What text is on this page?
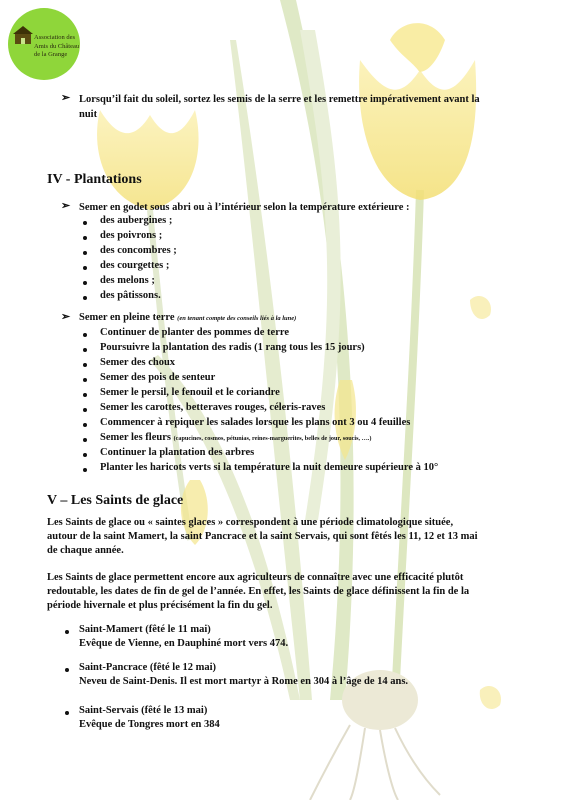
Association des
Amis du Château
de la Grange
➢ Lorsqu’il fait du soleil, sortez les semis de la serre et les remettre impérativement avant la
nuit
IV - Plantations
➢ Semer en godet sous abri ou à l’intérieur selon la température extérieure :
des aubergines ;
des poivrons ;
des concombres ;
des courgettes ;
des melons ;
des pâtissons.
➢ Semer en pleine terre (en tenant compte des conseils liés à la lune)
Continuer de planter des pommes de terre
Poursuivre la plantation des radis (1 rang tous les 15 jours)
Semer des choux
Semer des pois de senteur
Semer le persil, le fenouil et le coriandre
Semer les carottes, betteraves rouges, céleris-raves
Commencer à repiquer les salades lorsque les plans ont 3 ou 4 feuilles
Semer les fleurs (capucines, cosmos, pétunias, reines-marguerites, belles de jour, soucis, ….)
Continuer la plantation des arbres
Planter les haricots verts si la température la nuit demeure supérieure à 10°
V – Les Saints de glace
Les Saints de glace ou « saintes glaces » correspondent à une période climatologique située,
autour de la saint Mamert, la saint Pancrace et la saint Servais, qui sont fêtés les 11, 12 et 13 mai
de chaque année.
Les Saints de glace permettent encore aux agriculteurs de connaître avec une efficacité plutôt
redoutable, les dates de fin de gel de l’année. En effet, les Saints de glace définissent la fin de la
période hivernale et plus précisément la fin du gel.
Saint-Mamert (fêté le 11 mai)
Evêque de Vienne, en Dauphiné mort vers 474.
Saint-Pancrace (fêté le 12 mai)
Neveu de Saint-Denis. Il est mort martyr à Rome en 304 à l’âge de 14 ans.
Saint-Servais (fêté le 13 mai)
Evêque de Tongres mort en 384
